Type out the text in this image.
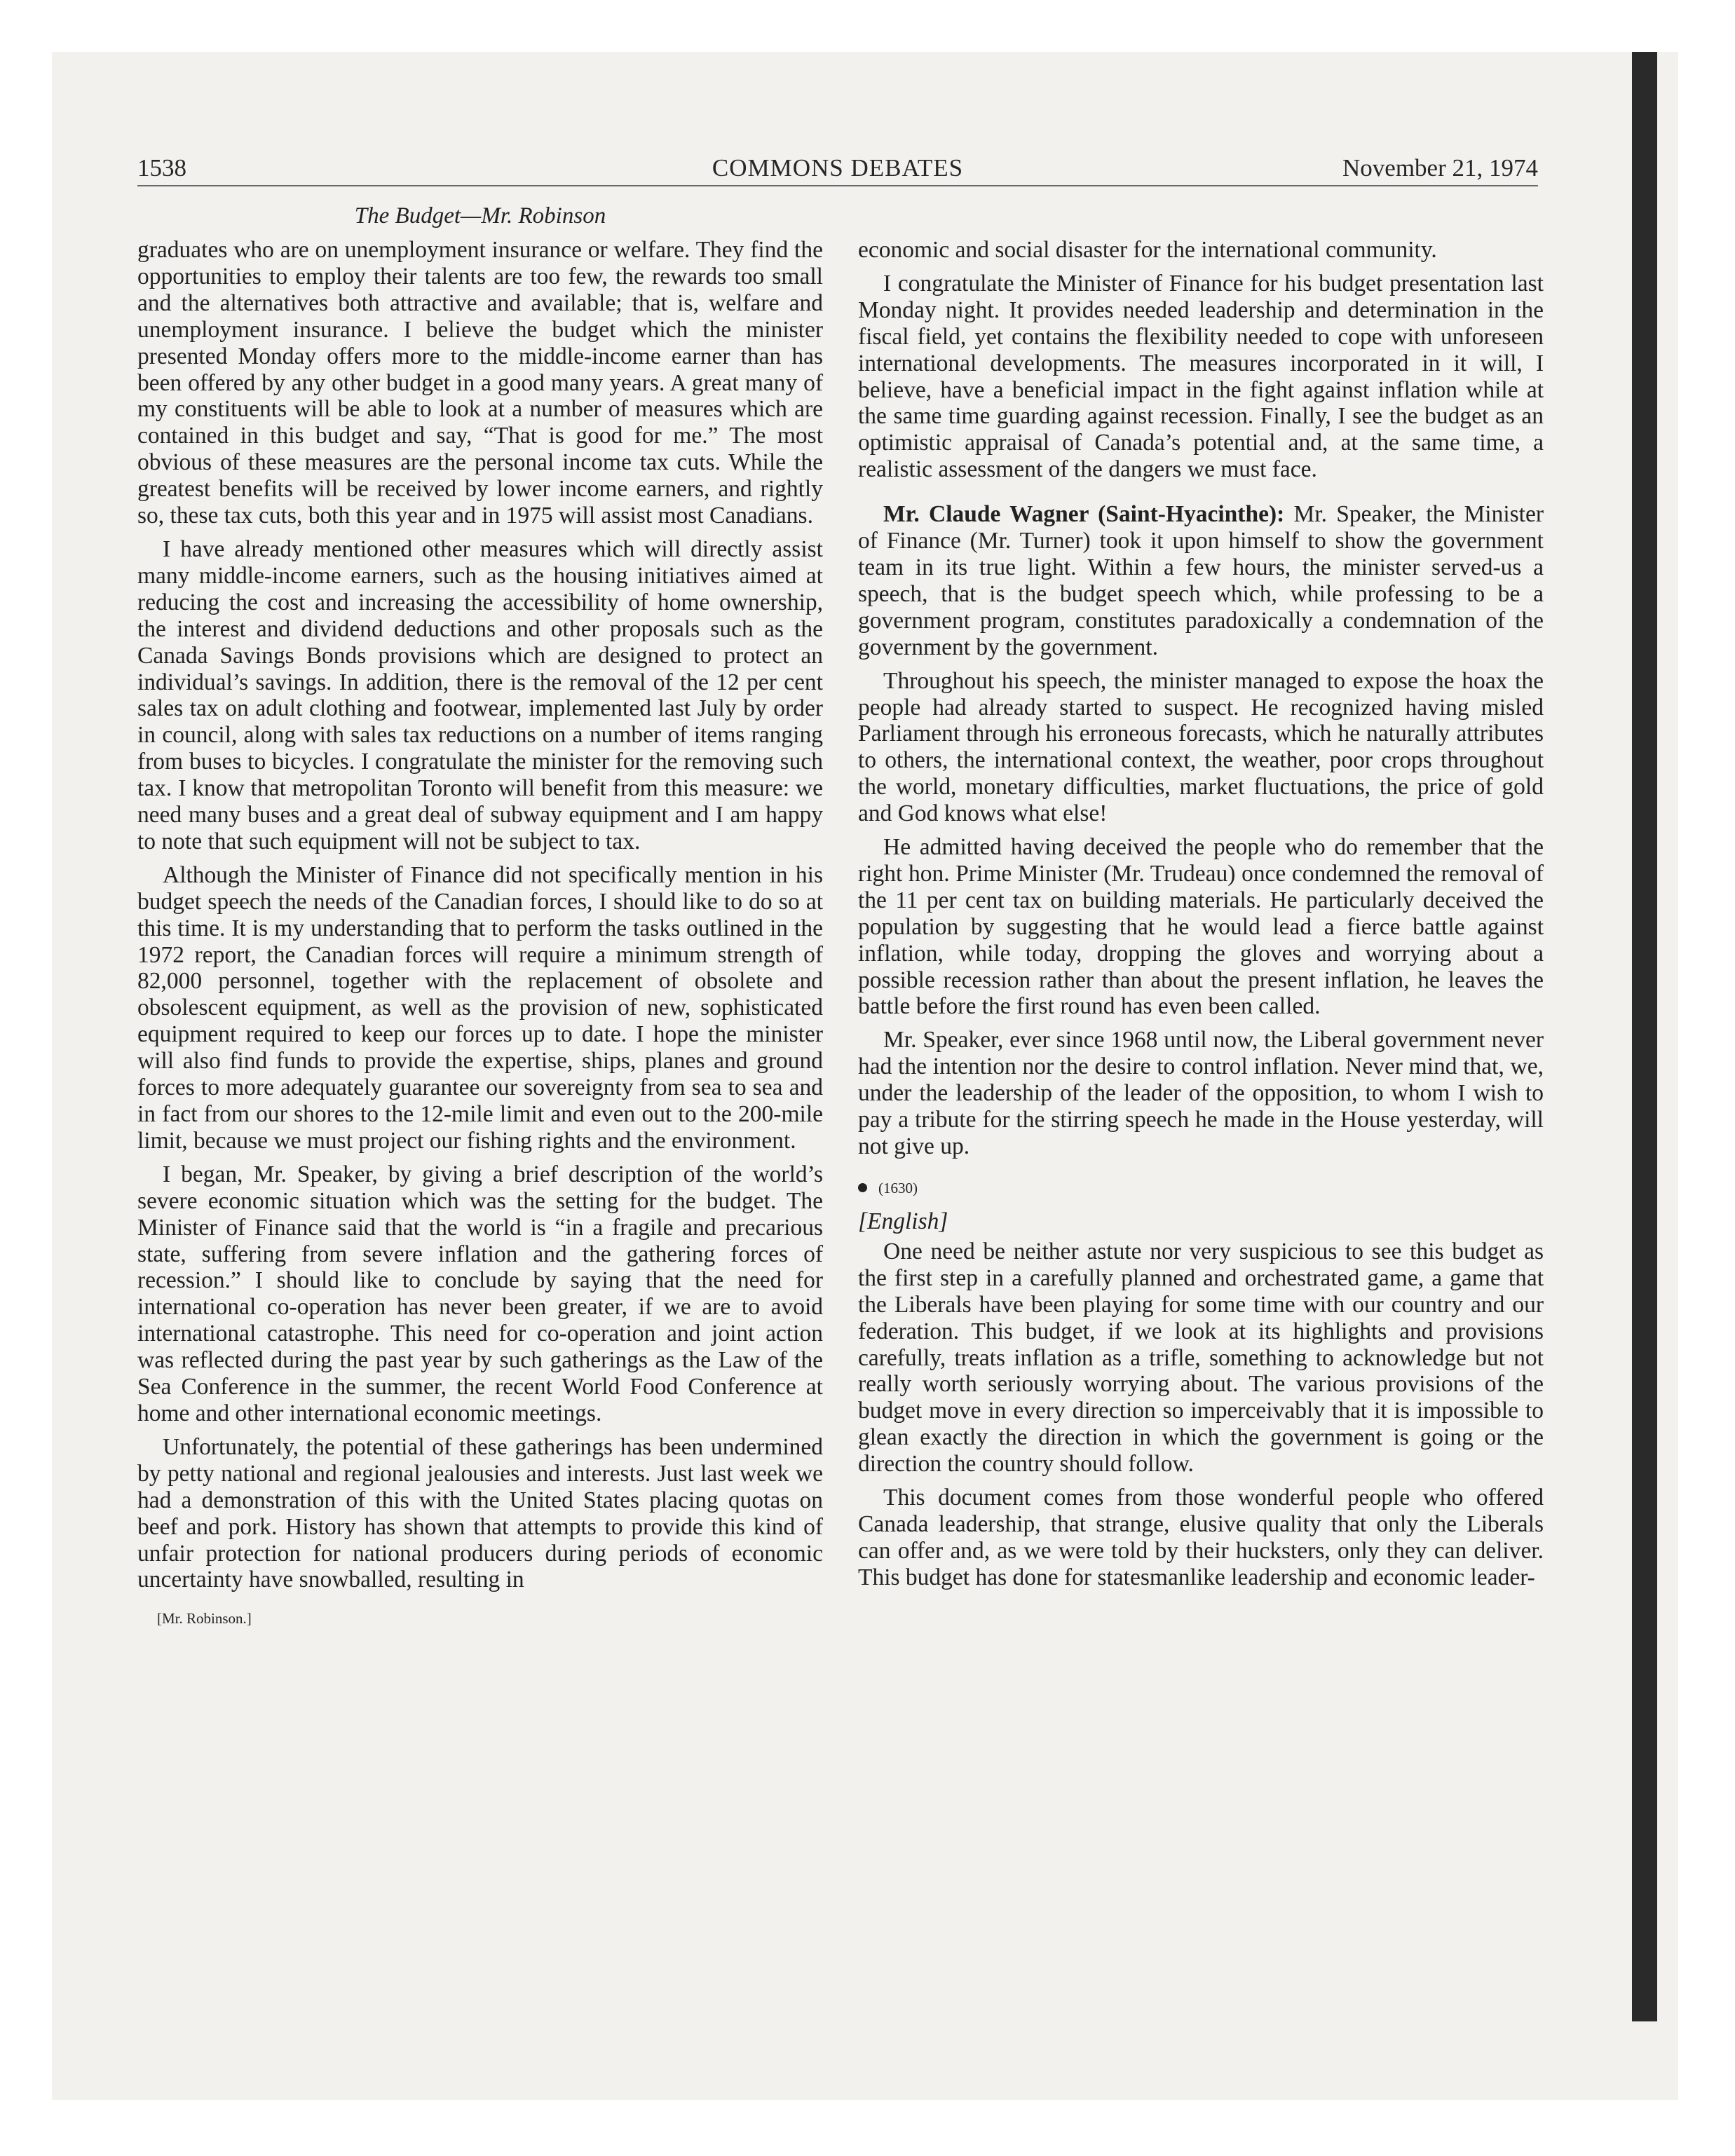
1538	COMMONS DEBATES	November 21, 1974
The Budget—Mr. Robinson

graduates who are on unemployment insurance or welfare. They find the opportunities to employ their talents are too few, the rewards too small and the alternatives both attractive and available; that is, welfare and unemployment insurance. I believe the budget which the minister presented Monday offers more to the middle-income earner than has been offered by any other budget in a good many years. A great many of my constituents will be able to look at a number of measures which are contained in this budget and say, “That is good for me.” The most obvious of these measures are the personal income tax cuts. While the greatest benefits will be received by lower income earners, and rightly so, these tax cuts, both this year and in 1975 will assist most Canadians.

I have already mentioned other measures which will directly assist many middle-income earners, such as the housing initiatives aimed at reducing the cost and increasing the accessibility of home ownership, the interest and dividend deductions and other proposals such as the Canada Savings Bonds provisions which are designed to protect an individual’s savings. In addition, there is the removal of the 12 per cent sales tax on adult clothing and footwear, implemented last July by order in council, along with sales tax reductions on a number of items ranging from buses to bicycles. I congratulate the minister for the removing such tax. I know that metropolitan Toronto will benefit from this measure: we need many buses and a great deal of subway equipment and I am happy to note that such equipment will not be subject to tax.

Although the Minister of Finance did not specifically mention in his budget speech the needs of the Canadian forces, I should like to do so at this time. It is my understanding that to perform the tasks outlined in the 1972 report, the Canadian forces will require a minimum strength of 82,000 personnel, together with the replacement of obsolete and obsolescent equipment, as well as the provision of new, sophisticated equipment required to keep our forces up to date. I hope the minister will also find funds to provide the expertise, ships, planes and ground forces to more adequately guarantee our sovereignty from sea to sea and in fact from our shores to the 12-mile limit and even out to the 200-mile limit, because we must project our fishing rights and the environment.

I began, Mr. Speaker, by giving a brief description of the world’s severe economic situation which was the setting for the budget. The Minister of Finance said that the world is “in a fragile and precarious state, suffering from severe inflation and the gathering forces of recession.” I should like to conclude by saying that the need for international co-operation has never been greater, if we are to avoid international catastrophe. This need for co-operation and joint action was reflected during the past year by such gatherings as the Law of the Sea Conference in the summer, the recent World Food Conference at home and other international economic meetings.

Unfortunately, the potential of these gatherings has been undermined by petty national and regional jealousies and interests. Just last week we had a demonstration of this with the United States placing quotas on beef and pork. History has shown that attempts to provide this kind of unfair protection for national producers during periods of economic uncertainty have snowballed, resulting in

[Mr. Robinson.]

economic and social disaster for the international community.

I congratulate the Minister of Finance for his budget presentation last Monday night. It provides needed leadership and determination in the fiscal field, yet contains the flexibility needed to cope with unforeseen international developments. The measures incorporated in it will, I believe, have a beneficial impact in the fight against inflation while at the same time guarding against recession. Finally, I see the budget as an optimistic appraisal of Canada’s potential and, at the same time, a realistic assessment of the dangers we must face.

Mr. Claude Wagner (Saint-Hyacinthe): Mr. Speaker, the Minister of Finance (Mr. Turner) took it upon himself to show the government team in its true light. Within a few hours, the minister served-us a speech, that is the budget speech which, while professing to be a government program, constitutes paradoxically a condemnation of the government by the government.

Throughout his speech, the minister managed to expose the hoax the people had already started to suspect. He recognized having misled Parliament through his erroneous forecasts, which he naturally attributes to others, the international context, the weather, poor crops throughout the world, monetary difficulties, market fluctuations, the price of gold and God knows what else!

He admitted having deceived the people who do remember that the right hon. Prime Minister (Mr. Trudeau) once condemned the removal of the 11 per cent tax on building materials. He particularly deceived the population by suggesting that he would lead a fierce battle against inflation, while today, dropping the gloves and worrying about a possible recession rather than about the present inflation, he leaves the battle before the first round has even been called.

Mr. Speaker, ever since 1968 until now, the Liberal government never had the intention nor the desire to control inflation. Never mind that, we, under the leadership of the leader of the opposition, to whom I wish to pay a tribute for the stirring speech he made in the House yesterday, will not give up.

(1630)
[English]

One need be neither astute nor very suspicious to see this budget as the first step in a carefully planned and orchestrated game, a game that the Liberals have been playing for some time with our country and our federation. This budget, if we look at its highlights and provisions carefully, treats inflation as a trifle, something to acknowledge but not really worth seriously worrying about. The various provisions of the budget move in every direction so imperceivably that it is impossible to glean exactly the direction in which the government is going or the direction the country should follow.

This document comes from those wonderful people who offered Canada leadership, that strange, elusive quality that only the Liberals can offer and, as we were told by their hucksters, only they can deliver. This budget has done for statesmanlike leadership and economic leader-
